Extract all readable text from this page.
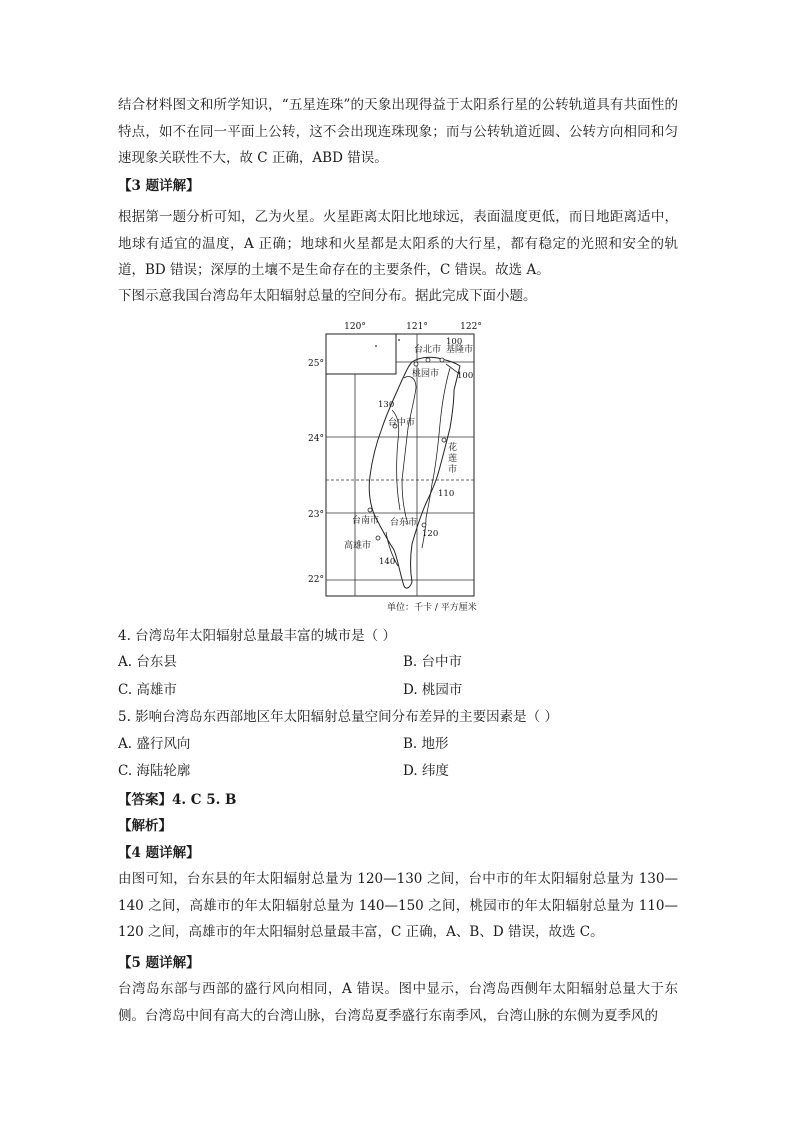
结合材料图文和所学知识，“五星连珠”的天象出现得益于太阳系行星的公转轨道具有共面性的特点，如不在同一平面上公转，这不会出现连珠现象；而与公转轨道近圆、公转方向相同和匀速现象关联性不大，故 C 正确，ABD 错误。
【3 题详解】
根据第一题分析可知，乙为火星。火星距离太阳比地球远，表面温度更低，而日地距离适中，地球有适宜的温度，A 正确；地球和火星都是太阳系的大行星，都有稳定的光照和安全的轨道，BD 错误；深厚的土壤不是生命存在的主要条件，C 错误。故选 A。
下图示意我国台湾岛年太阳辐射总量的空间分布。据此完成下面小题。
120°	121°	122°
25°
24°
23°
22°
100
100
130
110
120
140
台北市 基隆市
桃园市
台中市
花莲市
台南市 台东市
高雄市
单位：千卡 / 平方厘米
4. 台湾岛年太阳辐射总量最丰富的城市是（ ）
A. 台东县	B. 台中市
C. 高雄市	D. 桃园市
5. 影响台湾岛东西部地区年太阳辐射总量空间分布差异的主要因素是（ ）
A. 盛行风向	B. 地形
C. 海陆轮廓	D. 纬度
【答案】4. C 5. B
【解析】
【4 题详解】
由图可知，台东县的年太阳辐射总量为 120—130 之间，台中市的年太阳辐射总量为 130—140 之间，高雄市的年太阳辐射总量为 140—150 之间，桃园市的年太阳辐射总量为 110—120 之间，高雄市的年太阳辐射总量最丰富，C 正确，A、B、D 错误，故选 C。
【5 题详解】
台湾岛东部与西部的盛行风向相同，A 错误。图中显示，台湾岛西侧年太阳辐射总量大于东侧。台湾岛中间有高大的台湾山脉，台湾岛夏季盛行东南季风，台湾山脉的东侧为夏季风的
